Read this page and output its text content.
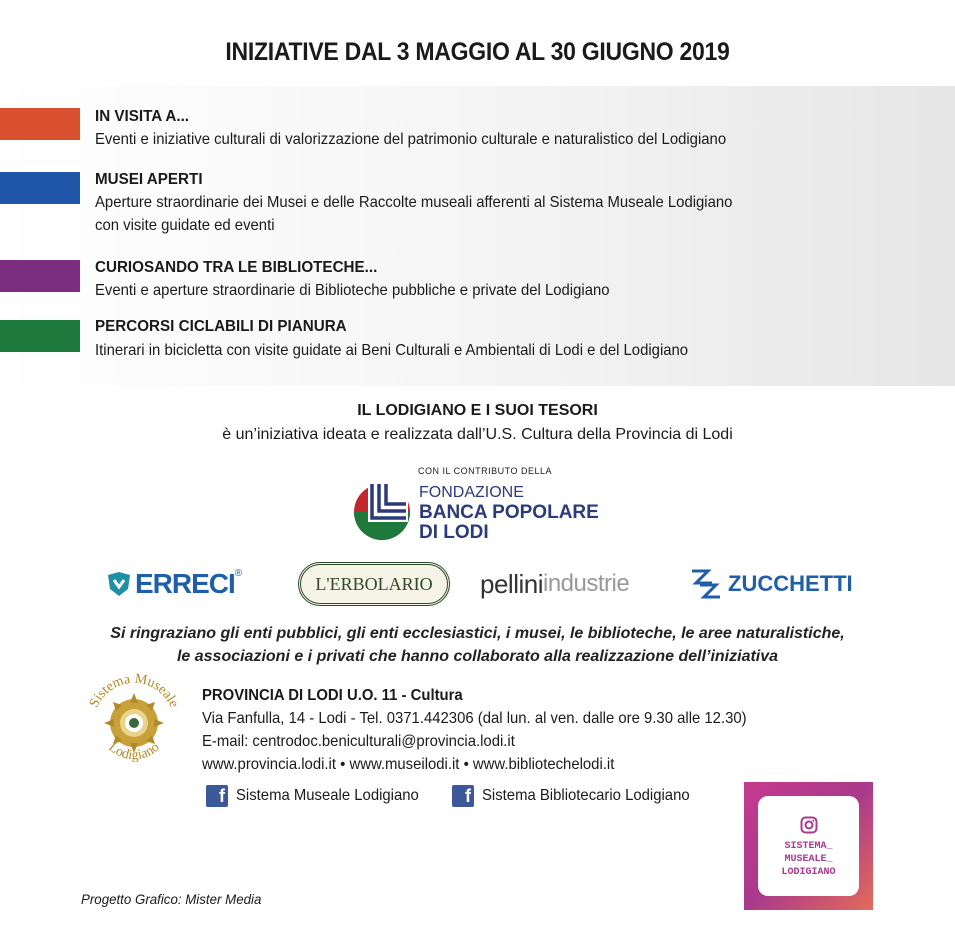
INIZIATIVE DAL 3 MAGGIO AL 30 GIUGNO 2019
IN VISITA A...
Eventi e iniziative culturali di valorizzazione del patrimonio culturale e naturalistico del Lodigiano
MUSEI APERTI
Aperture straordinarie dei Musei e delle Raccolte museali afferenti al Sistema Museale Lodigiano
con visite guidate ed eventi
CURIOSANDO TRA LE BIBLIOTECHE...
Eventi e aperture straordinarie di Biblioteche pubbliche e private del Lodigiano
PERCORSI CICLABILI DI PIANURA
Itinerari in bicicletta con visite guidate ai Beni Culturali e Ambientali di Lodi e del Lodigiano
IL LODIGIANO E I SUOI TESORI
è un’iniziativa ideata e realizzata dall’U.S. Cultura della Provincia di Lodi
CON IL CONTRIBUTO DELLA
FONDAZIONE
BANCA POPOLARE
DI LODI
ERRECI ®	L'ERBOLARIO	pellini industrie	ZUCCHETTI
Si ringraziano gli enti pubblici, gli enti ecclesiastici, i musei, le biblioteche, le aree naturalistiche,
le associazioni e i privati che hanno collaborato alla realizzazione dell’iniziativa
Sistema Museale
Lodigiano
PROVINCIA DI LODI U.O. 11 - Cultura
Via Fanfulla, 14 - Lodi - Tel. 0371.442306 (dal lun. al ven. dalle ore 9.30 alle 12.30)
E-mail: centrodoc.beniculturali@provincia.lodi.it
www.provincia.lodi.it • www.museilodi.it • www.bibliotechelodi.it
f Sistema Museale Lodigiano	f Sistema Bibliotecario Lodigiano
SISTEMA_
MUSEALE_
LODIGIANO
Progetto Grafico: Mister Media
